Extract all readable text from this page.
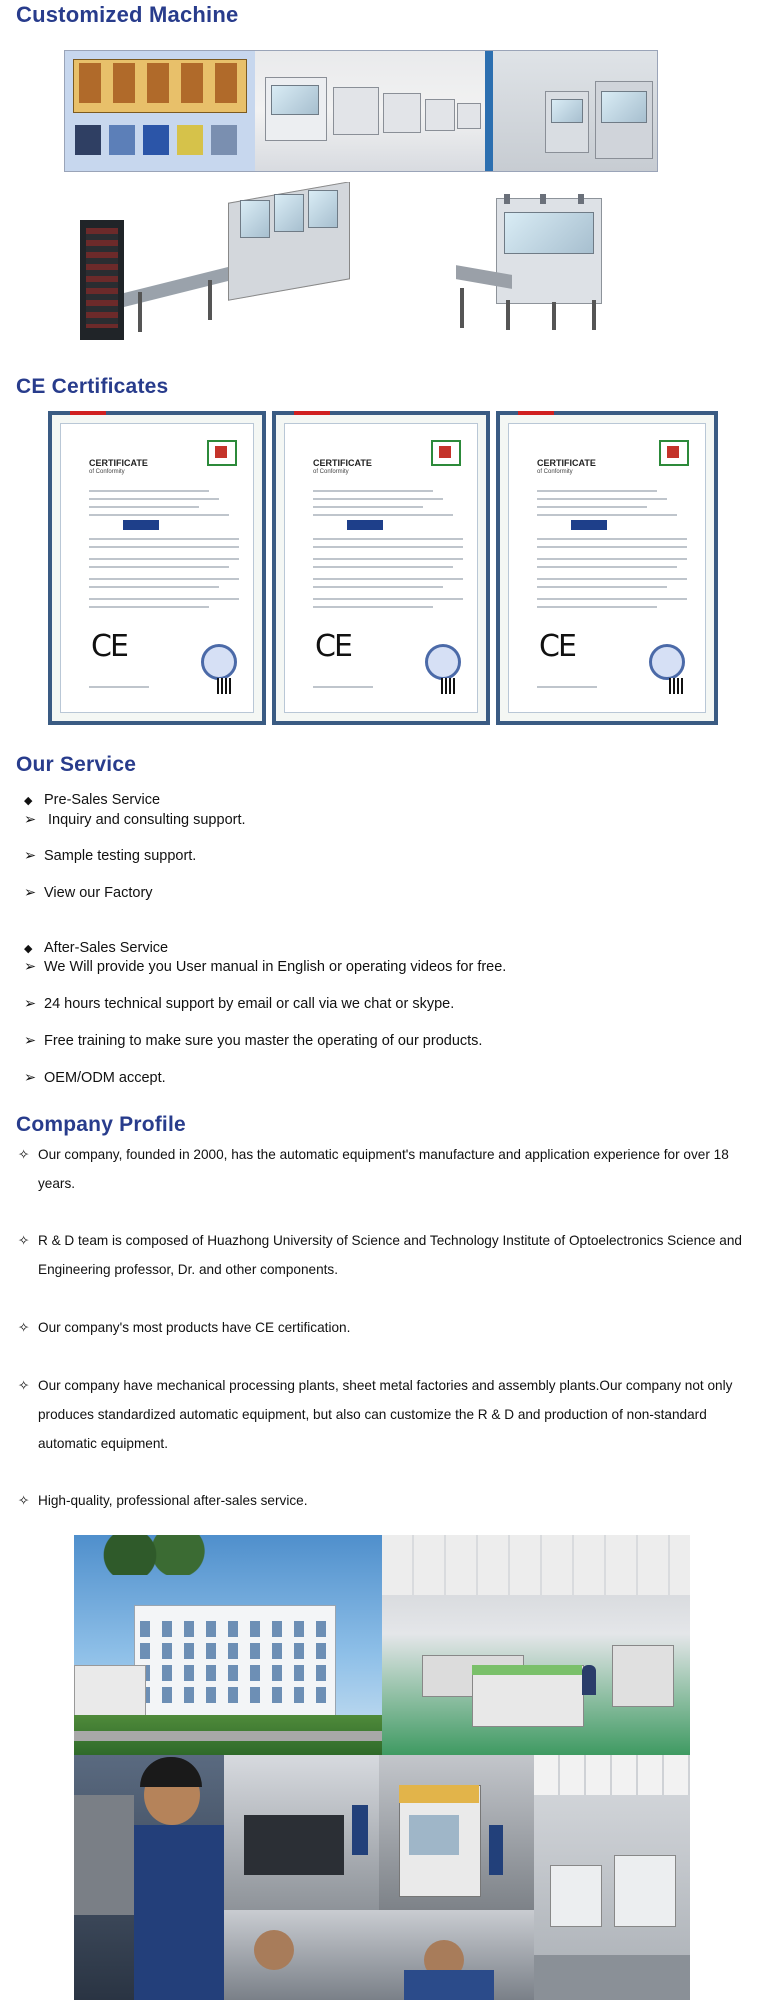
Customized Machine
CE Certificates
CERTIFICATE
of Conformity
CE
CERTIFICATE
of Conformity
CE
CERTIFICATE
of Conformity
CE
Our Service
◆ Pre-Sales Service
➢ Inquiry and consulting support.
➢ Sample testing support.
➢ View our Factory
◆ After-Sales Service
➢ We Will provide you User manual in English or operating videos for free.
➢ 24 hours technical support by email or call via we chat or skype.
➢ Free training to make sure you master the operating of our products.
➢ OEM/ODM accept.
Company Profile
✧ Our company, founded in 2000, has the automatic equipment's manufacture and application experience for over 18 years.
✧ R & D team is composed of Huazhong University of Science and Technology Institute of Optoelectronics Science and Engineering professor, Dr. and other components.
✧ Our company's most products have CE certification.
✧ Our company have mechanical processing plants, sheet metal factories and assembly plants.Our company not only produces standardized automatic equipment, but also can customize the R & D and production of non-standard automatic equipment.
✧ High-quality, professional after-sales service.
